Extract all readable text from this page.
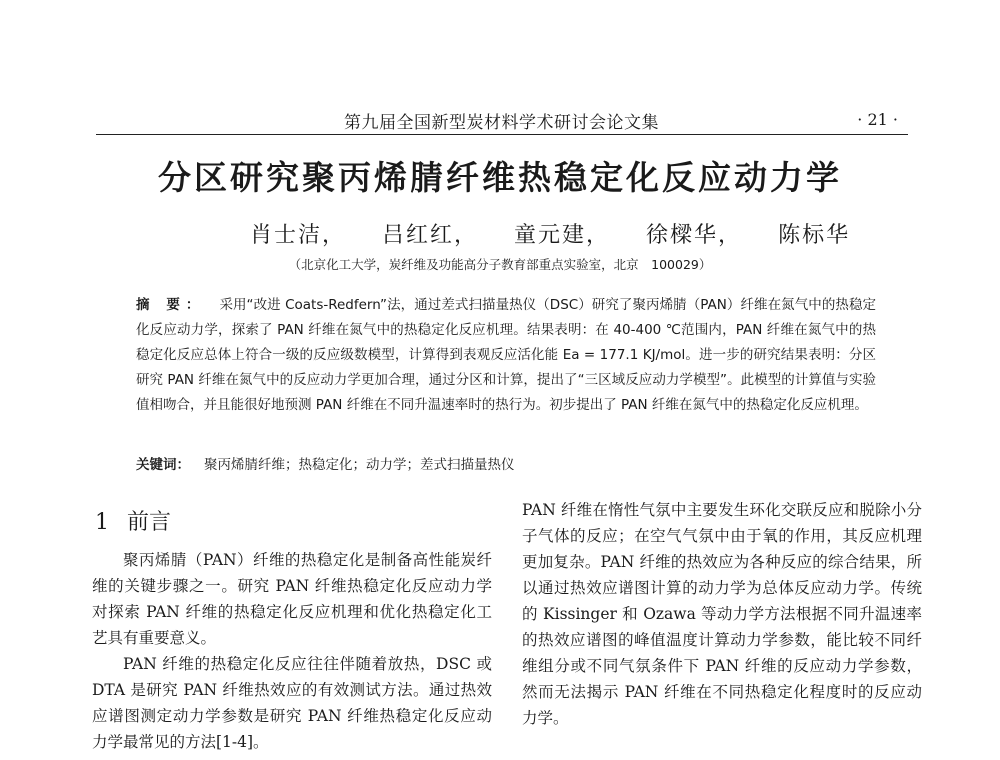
第九届全国新型炭材料学术研讨会论文集	· 21 ·
分区研究聚丙烯腈纤维热稳定化反应动力学
肖士洁， 吕红红， 童元建， 徐樑华， 陈标华
（北京化工大学，炭纤维及功能高分子教育部重点实验室，北京　100029）
摘 要： 采用“改进 Coats-Redfern”法，通过差式扫描量热仪（DSC）研究了聚丙烯腈（PAN）纤维在氮气中的热稳定化反应动力学，探索了 PAN 纤维在氮气中的热稳定化反应机理。结果表明：在 40-400 ℃范围内，PAN 纤维在氮气中的热稳定化反应总体上符合一级的反应级数模型，计算得到表观反应活化能 Ea = 177.1 KJ/mol。进一步的研究结果表明：分区研究 PAN 纤维在氮气中的反应动力学更加合理，通过分区和计算，提出了“三区域反应动力学模型”。此模型的计算值与实验值相吻合，并且能很好地预测 PAN 纤维在不同升温速率时的热行为。初步提出了 PAN 纤维在氮气中的热稳定化反应机理。
关键词： 聚丙烯腈纤维；热稳定化；动力学；差式扫描量热仪
1 前言

聚丙烯腈（PAN）纤维的热稳定化是制备高性能炭纤维的关键步骤之一。研究 PAN 纤维热稳定化反应动力学对探索 PAN 纤维的热稳定化反应机理和优化热稳定化工艺具有重要意义。

PAN 纤维的热稳定化反应往往伴随着放热，DSC 或 DTA 是研究 PAN 纤维热效应的有效测试方法。通过热效应谱图测定动力学参数是研究 PAN 纤维热稳定化反应动力学最常见的方法[1-4]。

PAN 纤维在惰性气氛中主要发生环化交联反应和脱除小分子气体的反应；在空气气氛中由于氧的作用，其反应机理更加复杂。PAN 纤维的热效应为各种反应的综合结果，所以通过热效应谱图计算的动力学为总体反应动力学。传统的 Kissinger 和 Ozawa 等动力学方法根据不同升温速率的热效应谱图的峰值温度计算动力学参数，能比较不同纤维组分或不同气氛条件下 PAN 纤维的反应动力学参数，然而无法揭示 PAN 纤维在不同热稳定化程度时的反应动力学。
